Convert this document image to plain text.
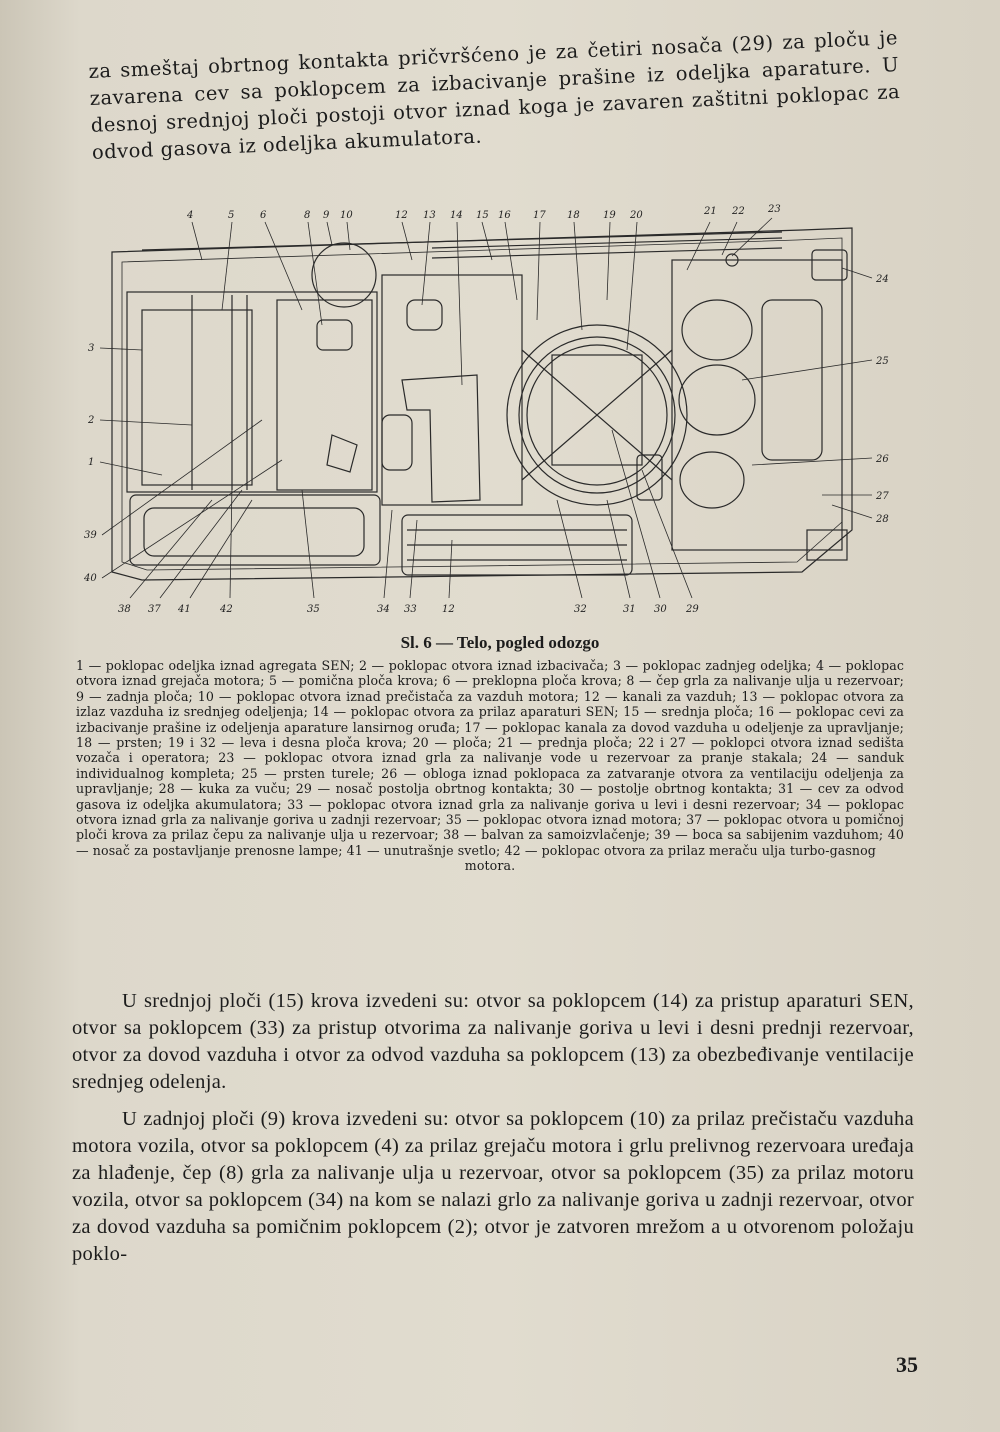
za smeštaj obrtnog kontakta pričvršćeno je za četiri nosača (29) za ploču je zavarena cev sa poklopcem za izbacivanje prašine iz odeljka aparature. U desnoj srednjoj ploči postoji otvor iznad koga je zavaren zaštitni poklopac za odvod gasova iz odeljka akumulatora.

4	5	6	8 9 10	12 13 14 15 16 17 18 19 20	21 22 23
24
25
26
27
28
3
2
1
39
40
38 37 41	42	35	34 33	12	32	31 30 29
Sl. 6 — Telo, pogled odozgo
1 — poklopac odeljka iznad agregata SEN; 2 — poklopac otvora iznad izbacivača; 3 — poklopac zadnjeg odeljka; 4 — poklopac otvora iznad grejača motora; 5 — pomična ploča krova; 6 — preklopna ploča krova; 8 — čep grla za nalivanje ulja u rezervoar; 9 — zadnja ploča; 10 — poklopac otvora iznad prečistača za vazduh motora; 12 — kanali za vazduh; 13 — poklopac otvora za izlaz vazduha iz srednjeg odeljenja; 14 — poklopac otvora za prilaz aparaturi SEN; 15 — srednja ploča; 16 — poklopac cevi za izbacivanje prašine iz odeljenja aparature lansirnog oruđa; 17 — poklopac kanala za dovod vazduha u odeljenje za upravljanje; 18 — prsten; 19 i 32 — leva i desna ploča krova; 20 — ploča; 21 — prednja ploča; 22 i 27 — poklopci otvora iznad sedišta vozača i operatora; 23 — poklopac otvora iznad grla za nalivanje vode u rezervoar za pranje stakala; 24 — sanduk individualnog kompleta; 25 — prsten turele; 26 — obloga iznad poklopaca za zatvaranje otvora za ventilaciju odeljenja za upravljanje; 28 — kuka za vuču; 29 — nosač postolja obrtnog kontakta; 30 — postolje obrtnog kontakta; 31 — cev za odvod gasova iz odeljka akumulatora; 33 — poklopac otvora iznad grla za nalivanje goriva u levi i desni rezervoar; 34 — poklopac otvora iznad grla za nalivanje goriva u zadnji rezervoar; 35 — poklopac otvora iznad motora; 37 — poklopac otvora u pomičnoj ploči krova za prilaz čepu za nalivanje ulja u rezervoar; 38 — balvan za samoizvlačenje; 39 — boca sa sabijenim vazduhom; 40 — nosač za postavljanje prenosne lampe; 41 — unutrašnje svetlo; 42 — poklopac otvora za prilaz meraču ulja turbo-gasnog
motora.

U srednjoj ploči (15) krova izvedeni su: otvor sa poklopcem (14) za pristup aparaturi SEN, otvor sa poklopcem (33) za pristup otvorima za nalivanje goriva u levi i desni prednji rezervoar, otvor za dovod vazduha i otvor za odvod vazduha sa poklopcem (13) za obezbeđivanje ventilacije srednjeg odelenja.

U zadnjoj ploči (9) krova izvedeni su: otvor sa poklopcem (10) za prilaz prečistaču vazduha motora vozila, otvor sa poklopcem (4) za prilaz grejaču motora i grlu prelivnog rezervoara uređaja za hlađenje, čep (8) grla za nalivanje ulja u rezervoar, otvor sa poklopcem (35) za prilaz motoru vozila, otvor sa poklopcem (34) na kom se nalazi grlo za nalivanje goriva u zadnji rezervoar, otvor za dovod vazduha sa pomičnim poklopcem (2); otvor je zatvoren mrežom a u otvorenom položaju poklo-

35
